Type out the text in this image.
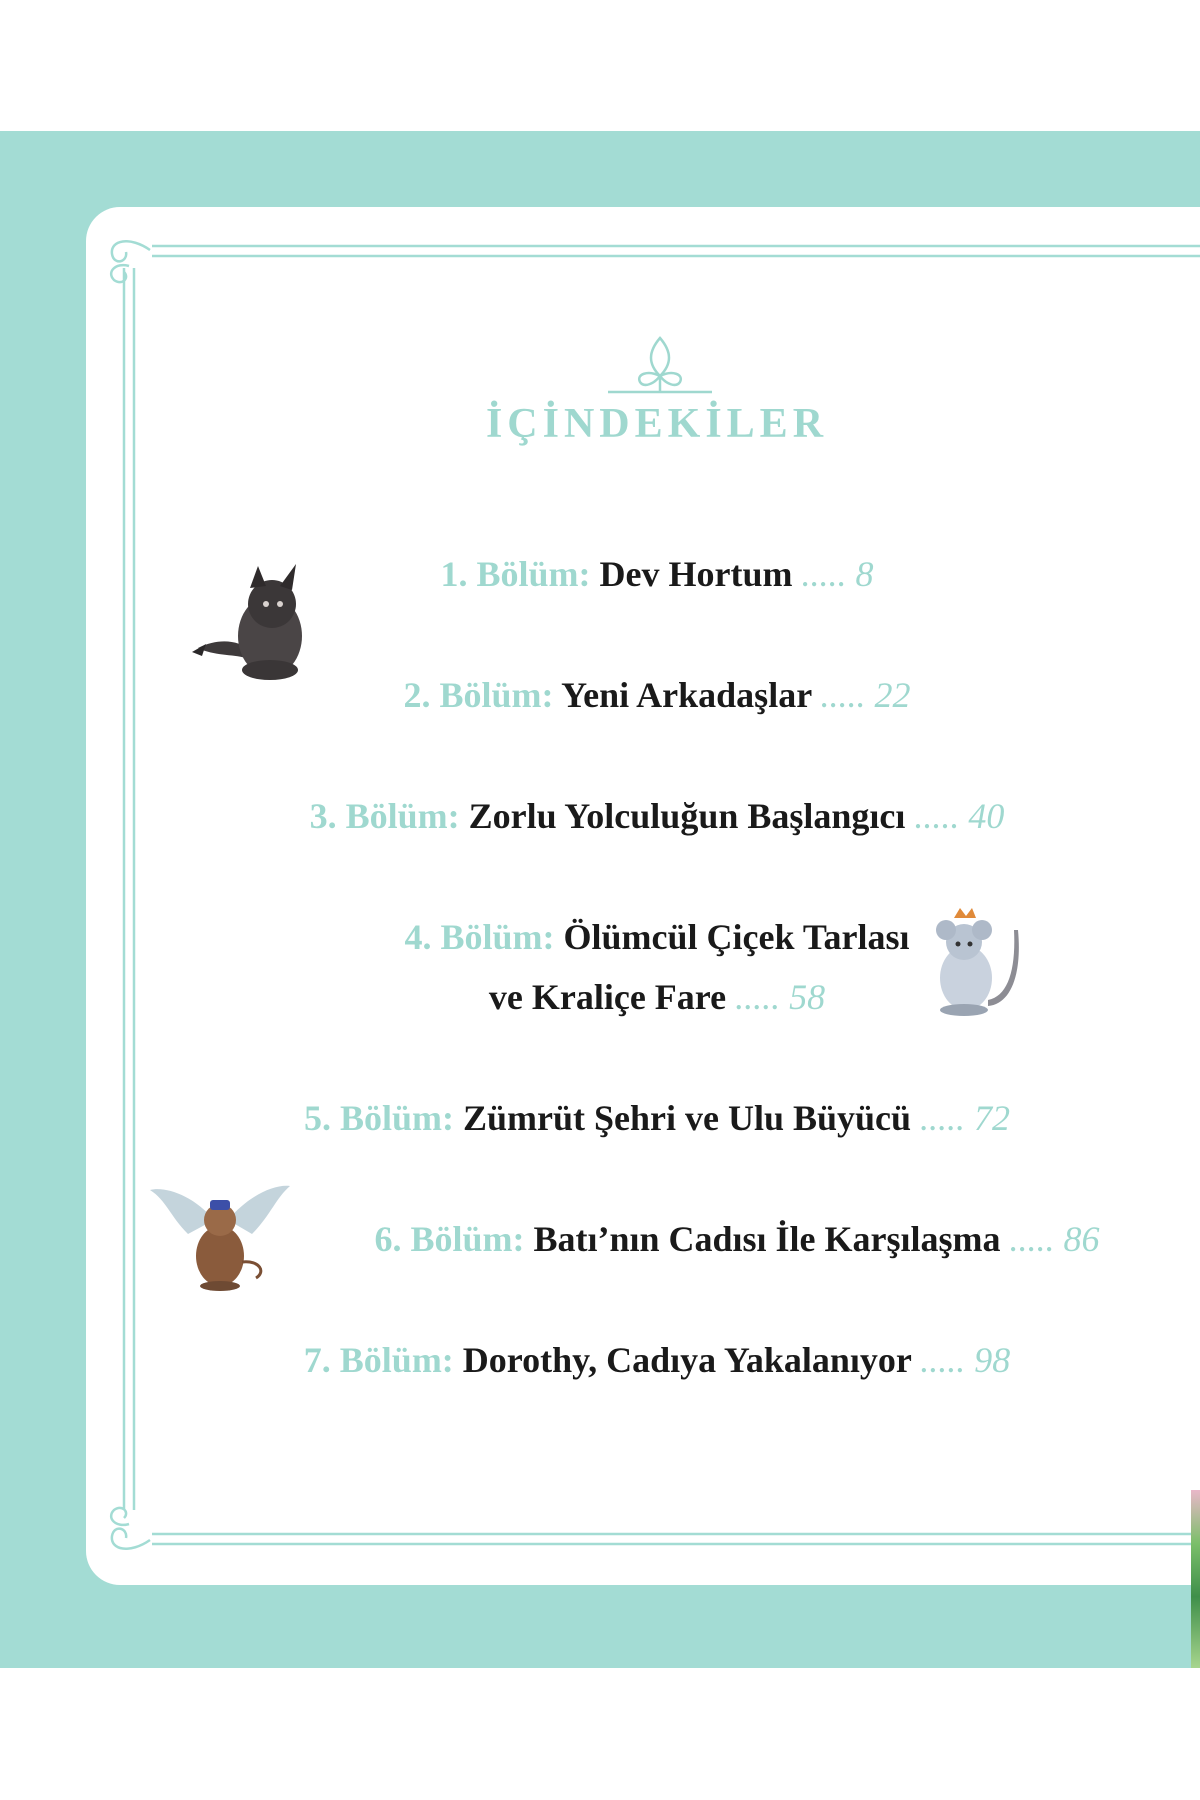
İÇİNDEKİLER
1. Bölüm: Dev Hortum ..... 8
2. Bölüm: Yeni Arkadaşlar ..... 22
3. Bölüm: Zorlu Yolculuğun Başlangıcı ..... 40
4. Bölüm: Ölümcül Çiçek Tarlası
ve Kraliçe Fare ..... 58
5. Bölüm: Zümrüt Şehri ve Ulu Büyücü ..... 72
6. Bölüm: Batı’nın Cadısı İle Karşılaşma ..... 86
7. Bölüm: Dorothy, Cadıya Yakalanıyor ..... 98
